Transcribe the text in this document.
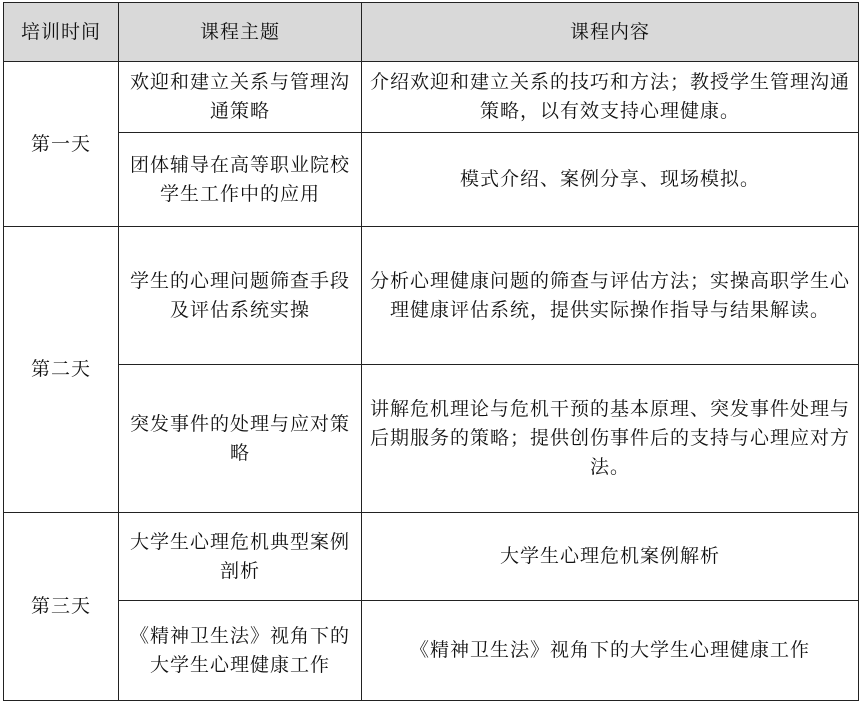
培训时间	课程主题	课程内容
第一天	欢迎和建立关系与管理沟通策略	介绍欢迎和建立关系的技巧和方法；教授学生管理沟通策略，以有效支持心理健康。
	团体辅导在高等职业院校学生工作中的应用	模式介绍、案例分享、现场模拟。
第二天	学生的心理问题筛查手段及评估系统实操	分析心理健康问题的筛查与评估方法；实操高职学生心理健康评估系统，提供实际操作指导与结果解读。
	突发事件的处理与应对策略	讲解危机理论与危机干预的基本原理、突发事件处理与后期服务的策略；提供创伤事件后的支持与心理应对方法。
第三天	大学生心理危机典型案例剖析	大学生心理危机案例解析
	《精神卫生法》视角下的大学生心理健康工作	《精神卫生法》视角下的大学生心理健康工作
